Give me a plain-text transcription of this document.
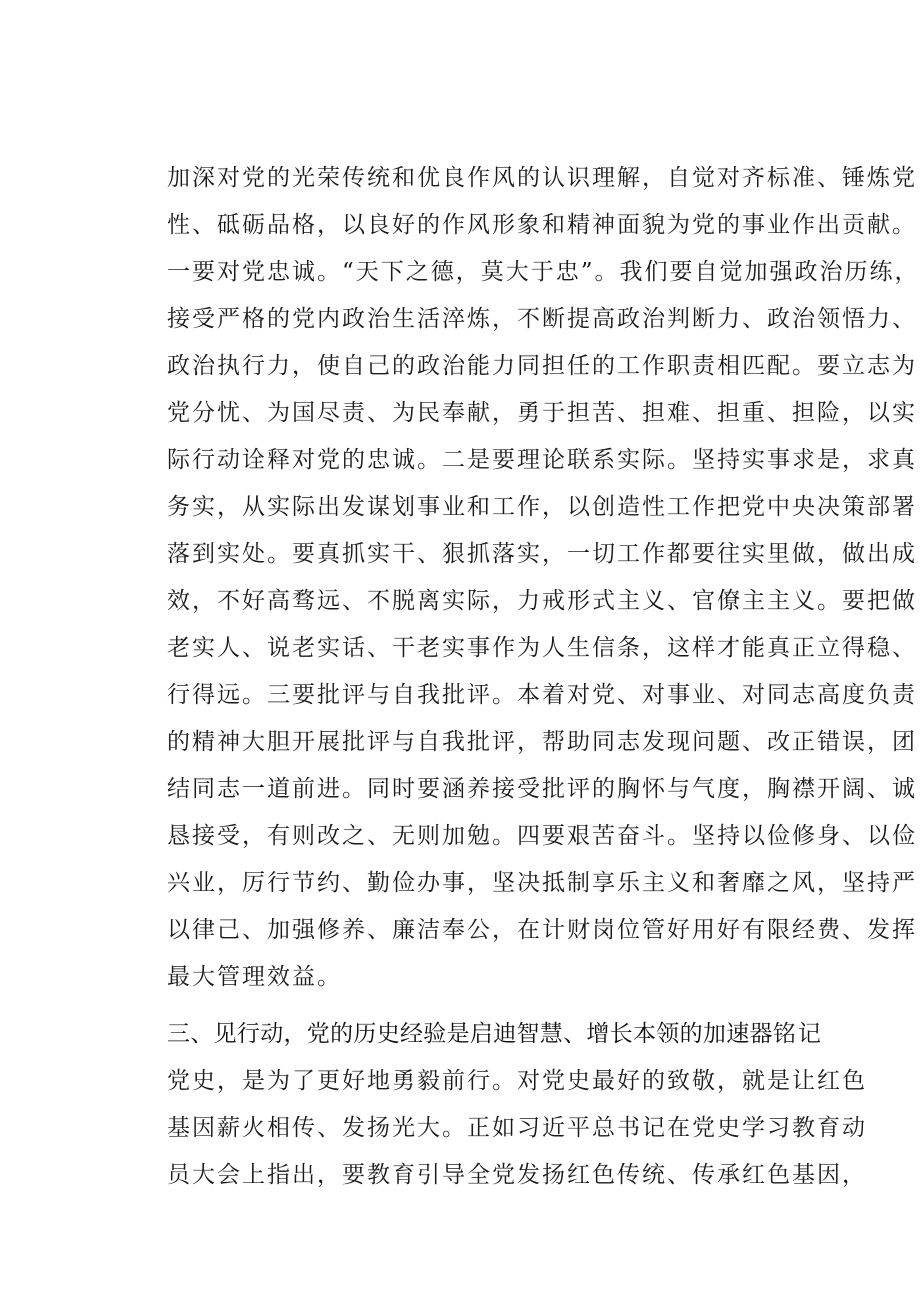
加深对党的光荣传统和优良作风的认识理解，自觉对齐标准、锤炼党
性、砥砺品格，以良好的作风形象和精神面貌为党的事业作出贡献。
一要对党忠诚。“天下之德，莫大于忠”。我们要自觉加强政治历练，
接受严格的党内政治生活淬炼，不断提高政治判断力、政治领悟力、
政治执行力，使自己的政治能力同担任的工作职责相匹配。要立志为
党分忧、为国尽责、为民奉献，勇于担苦、担难、担重、担险，以实
际行动诠释对党的忠诚。二是要理论联系实际。坚持实事求是，求真
务实，从实际出发谋划事业和工作，以创造性工作把党中央决策部署
落到实处。要真抓实干、狠抓落实，一切工作都要往实里做，做出成
效，不好高骛远、不脱离实际，力戒形式主义、官僚主主义。要把做
老实人、说老实话、干老实事作为人生信条，这样才能真正立得稳、
行得远。三要批评与自我批评。本着对党、对事业、对同志高度负责
的精神大胆开展批评与自我批评，帮助同志发现问题、改正错误，团
结同志一道前进。同时要涵养接受批评的胸怀与气度，胸襟开阔、诚
恳接受，有则改之、无则加勉。四要艰苦奋斗。坚持以俭修身、以俭
兴业，厉行节约、勤俭办事，坚决抵制享乐主义和奢靡之风，坚持严
以律己、加强修养、廉洁奉公，在计财岗位管好用好有限经费、发挥
最大管理效益。
三、见行动，党的历史经验是启迪智慧、增长本领的加速器 铭记
党史，是为了更好地勇毅前行。对党史最好的致敬，就是让红色
基因薪火相传、发扬光大。正如习近平总书记在党史学习教育动
员大会上指出，要教育引导全党发扬红色传统、传承红色基因，
